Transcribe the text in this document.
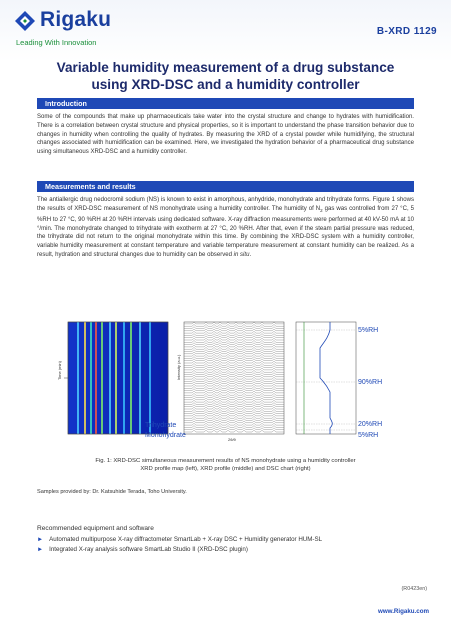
Rigaku
Leading With Innovation
B-XRD 1129
Variable humidity measurement of a drug substance
using XRD-DSC and a humidity controller
Introduction
Some of the compounds that make up pharmaceuticals take water into the crystal structure and change to hydrates with humidification. There is a correlation between crystal structure and physical properties, so it is important to understand the phase transition behavior due to changes in humidity when controlling the quality of hydrates. By measuring the XRD of a crystal powder while humidifying, the structural changes associated with humidification can be examined. Here, we investigated the hydration behavior of a pharmaceutical drug substance using simultaneous XRD-DSC and a humidity controller.
Measurements and results
The antiallergic drug nedocromil sodium (NS) is known to exist in amorphous, anhydride, monohydrate and trihydrate forms. Figure 1 shows the results of XRD-DSC measurement of NS monohydrate using a humidity controller. The humidity of $N_2$ gas was controlled from 27 °C, 5 %RH to 27 °C, 90 %RH at 20 %RH intervals using dedicated software. X-ray diffraction measurements were performed at 40 kV-50 mA at 10 °/min. The monohydrate changed to trihydrate with exotherm at 27 °C, 20 %RH. After that, even if the steam partial pressure was reduced, the trihydrate did not return to the original monohydrate within this time. By combining the XRD-DSC system with a humidity controller, variable humidity measurement at constant temperature and variable temperature measurement at constant humidity can be realized. As a result, hydration and structural changes due to humidity can be observed in situ.
Time (min)	Intensity (a.u.)
2θ/θ
Trihydrate
Monohydrate
5%RH
90%RH
20%RH
5%RH
Fig. 1: XRD-DSC simultaneous measurement results of NS monohydrate using a humidity controller
XRD profile map (left), XRD profile (middle) and DSC chart (right)
Samples provided by: Dr. Katsuhide Terada, Toho University.
Recommended equipment and software
► Automated multipurpose X-ray diffractometer SmartLab + X-ray DSC + Humidity generator HUM-SL
► Integrated X-ray analysis software SmartLab Studio II (XRD-DSC plugin)
(R0423en)
www.Rigaku.com
